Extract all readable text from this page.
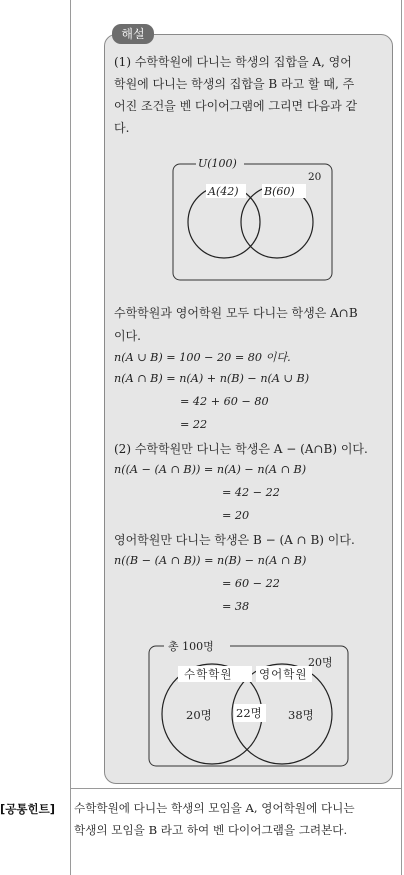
해설
(1) 수학학원에 다니는 학생의 집합을 A, 영어
학원에 다니는 학생의 집합을 B 라고 할 때, 주
어진 조건을 벤 다이어그램에 그리면 다음과 같
다.
U(100)
20
A(42) B(60)
수학학원과 영어학원 모두 다니는 학생은 A∩B
이다.
n(A ∪ B) = 100 − 20 = 80 이다.
n(A ∩ B) = n(A) + n(B) − n(A ∪ B)
= 42 + 60 − 80
= 22
(2) 수학학원만 다니는 학생은 A − (A∩B) 이다.
n((A − (A ∩ B)) = n(A) − n(A ∩ B)
= 42 − 22
= 20
영어학원만 다니는 학생은 B − (A ∩ B) 이다.
n((B − (A ∩ B)) = n(B) − n(A ∩ B)
= 60 − 22
= 38
총 100명
20명
수학학원 영어학원
20명 22명 38명
[공통힌트]	수학학원에 다니는 학생의 모임을 A, 영어학원에 다니는
학생의 모임을 B 라고 하여 벤 다이어그램을 그려본다.
